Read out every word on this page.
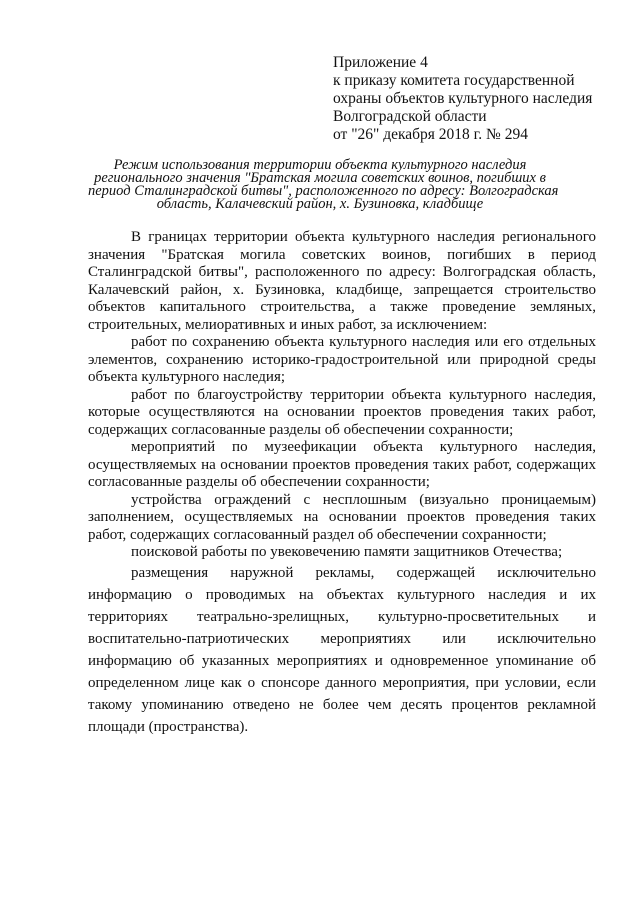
Приложение 4
к приказу комитета государственной
охраны объектов культурного наследия
Волгоградской области
от "26" декабря 2018 г. № 294
Режим использования территории объекта культурного наследия
регионального значения "Братская могила советских воинов, погибших в
период Сталинградской битвы", расположенного по адресу: Волгоградская
область, Калачевский район, х. Бузиновка, кладбище

В границах территории объекта культурного наследия регионального значения "Братская могила советских воинов, погибших в период Сталинградской битвы", расположенного по адресу: Волгоградская область, Калачевский район, х. Бузиновка, кладбище, запрещается строительство объектов капитального строительства, а также проведение земляных, строительных, мелиоративных и иных работ, за исключением:

работ по сохранению объекта культурного наследия или его отдельных элементов, сохранению историко-градостроительной или природной среды объекта культурного наследия;

работ по благоустройству территории объекта культурного наследия, которые осуществляются на основании проектов проведения таких работ, содержащих согласованные разделы об обеспечении сохранности;

мероприятий по музеефикации объекта культурного наследия, осуществляемых на основании проектов проведения таких работ, содержащих согласованные разделы об обеспечении сохранности;

устройства ограждений с несплошным (визуально проницаемым) заполнением, осуществляемых на основании проектов проведения таких работ, содержащих согласованный раздел об обеспечении сохранности;

поисковой работы по увековечению памяти защитников Отечества;

размещения наружной рекламы, содержащей исключительно информацию о проводимых на объектах культурного наследия и их территориях театрально-зрелищных, культурно-просветительных и воспитательно-патриотических мероприятиях или исключительно информацию об указанных мероприятиях и одновременное упоминание об определенном лице как о спонсоре данного мероприятия, при условии, если такому упоминанию отведено не более чем десять процентов рекламной площади (пространства).
